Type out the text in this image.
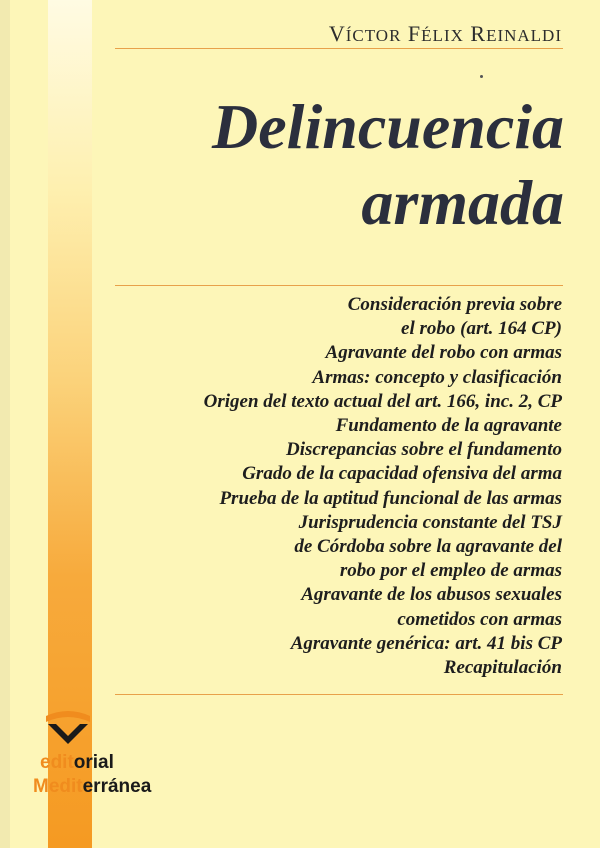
VÍCTOR FÉLIX REINALDI
Delincuencia
armada
Consideración previa sobre
el robo (art. 164 CP)
Agravante del robo con armas
Armas: concepto y clasificación
Origen del texto actual del art. 166, inc. 2, CP
Fundamento de la agravante
Discrepancias sobre el fundamento
Grado de la capacidad ofensiva del arma
Prueba de la aptitud funcional de las armas
Jurisprudencia constante del TSJ
de Córdoba sobre la agravante del
robo por el empleo de armas
Agravante de los abusos sexuales
cometidos con armas
Agravante genérica: art. 41 bis CP
Recapitulación
editorial
Mediterránea
